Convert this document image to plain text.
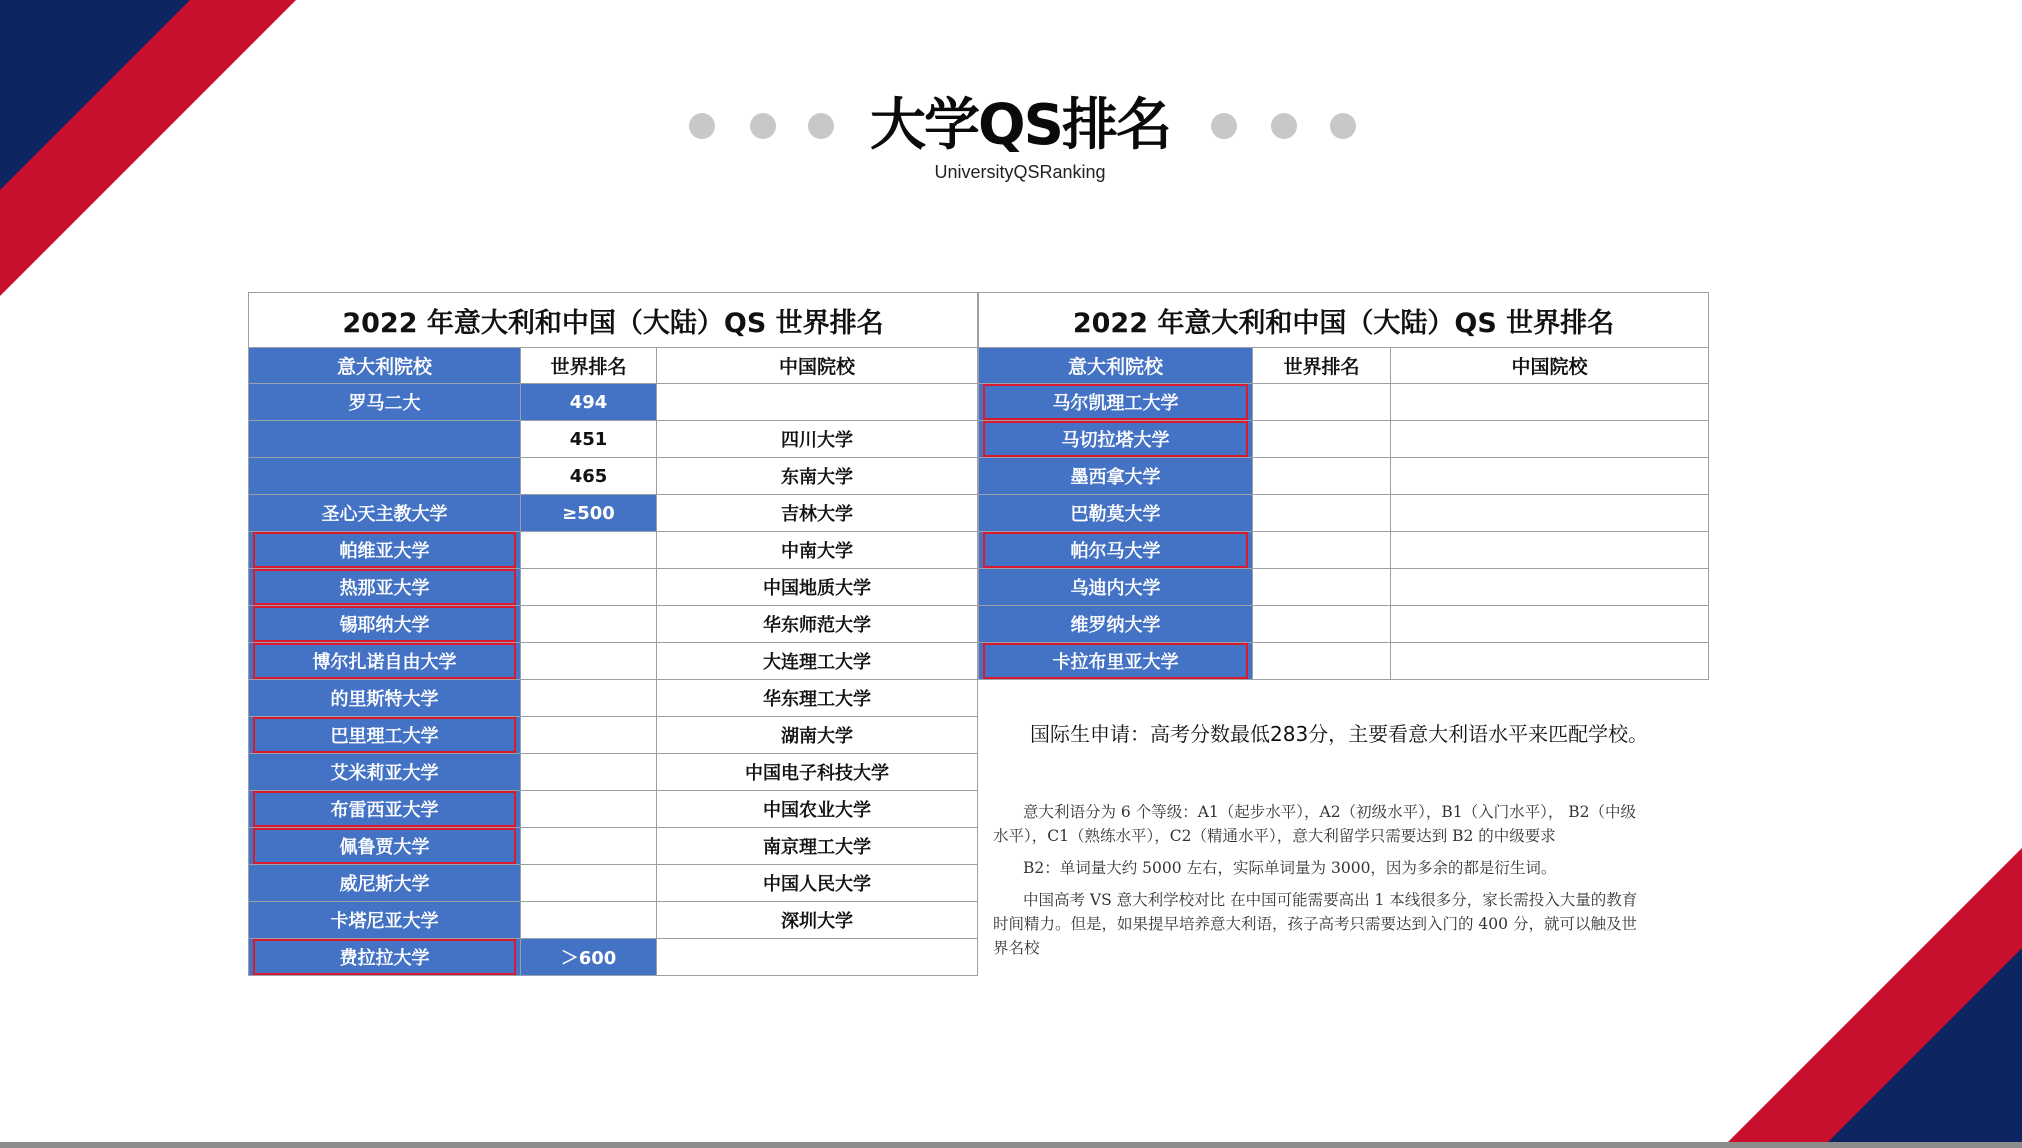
大学QS排名
UniversityQSRanking
2022 年意大利和中国（大陆）QS 世界排名		
意大利院校	世界排名	中国院校

罗马二大	494	

	451	四川大学

	465	东南大学

圣心天主教大学	≥500	吉林大学

帕维亚大学		中南大学

热那亚大学		中国地质大学

锡耶纳大学		华东师范大学

博尔扎诺自由大学		大连理工大学

的里斯特大学		华东理工大学

巴里理工大学		湖南大学

艾米莉亚大学		中国电子科技大学

布雷西亚大学		中国农业大学

佩鲁贾大学		南京理工大学

威尼斯大学		中国人民大学

卡塔尼亚大学		深圳大学

费拉拉大学	＞600	
2022 年意大利和中国（大陆）QS 世界排名		
意大利院校	世界排名	中国院校

马尔凯理工大学		

马切拉塔大学		

墨西拿大学		

巴勒莫大学		

帕尔马大学		

乌迪内大学		

维罗纳大学		

卡拉布里亚大学		

国际生申请：高考分数最低283分，主要看意大利语水平来匹配学校。

意大利语分为 6 个等级：A1（起步水平），A2（初级水平），B1（入门水平）， B2（中级水平），C1（熟练水平），C2（精通水平），意大利留学只需要达到 B2 的中级要求

B2：单词量大约 5000 左右，实际单词量为 3000，因为多余的都是衍生词。

中国高考 VS 意大利学校对比 在中国可能需要高出 1 本线很多分，家长需投入大量的教育时间精力。但是，如果提早培养意大利语，孩子高考只需要达到入门的 400 分，就可以触及世界名校
